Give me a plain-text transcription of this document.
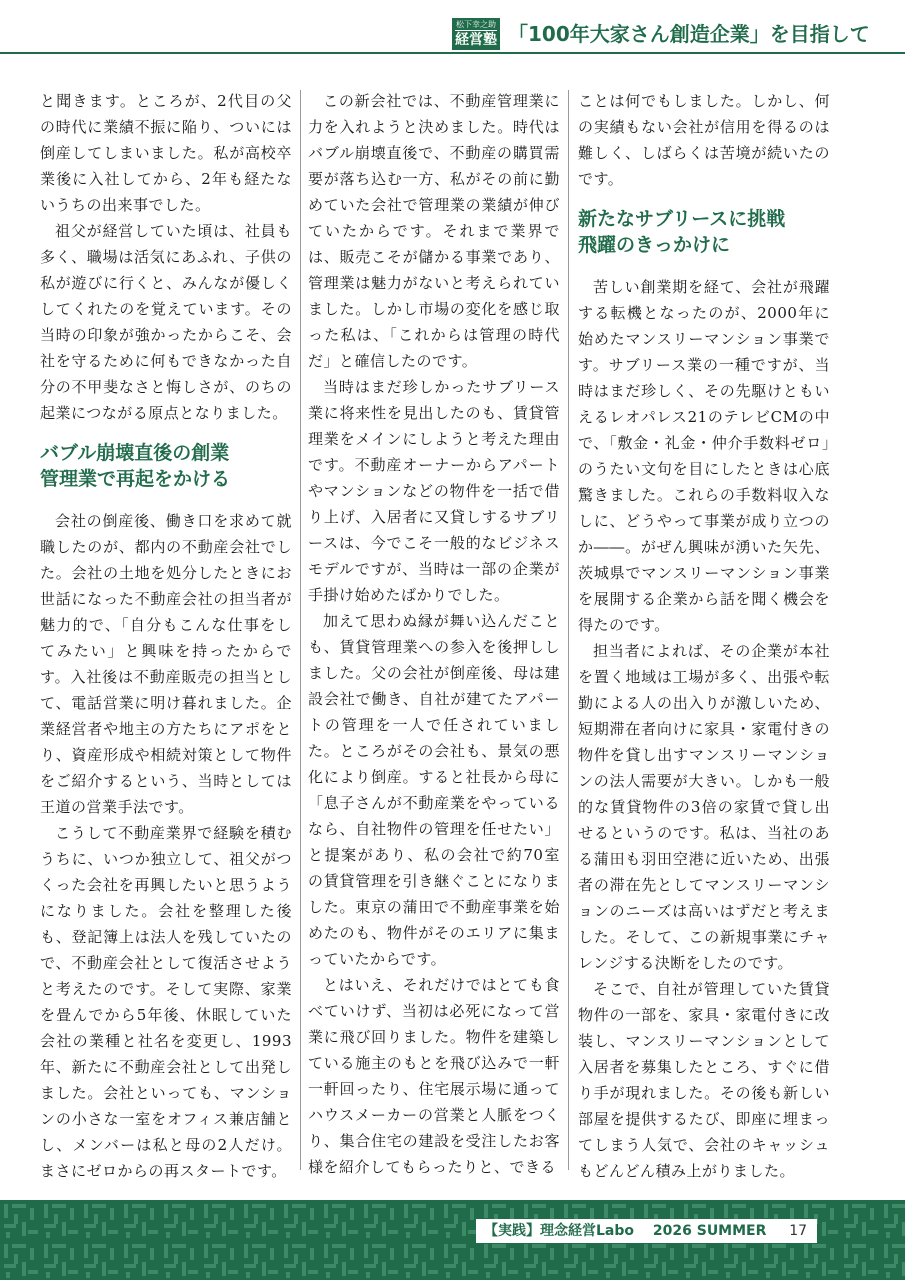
松下幸之助
経営塾 「100年大家さん創造企業」を目指して

と聞きます。ところが、2代目の父の時代に業績不振に陥り、ついには倒産してしまいました。私が高校卒業後に入社してから、2年も経たないうちの出来事でした。

祖父が経営していた頃は、社員も多く、職場は活気にあふれ、子供の私が遊びに行くと、みんなが優しくしてくれたのを覚えています。その当時の印象が強かったからこそ、会社を守るために何もできなかった自分の不甲斐なさと悔しさが、のちの起業につながる原点となりました。

バブル崩壊直後の創業
管理業で再起をかける

会社の倒産後、働き口を求めて就職したのが、都内の不動産会社でした。会社の土地を処分したときにお世話になった不動産会社の担当者が魅力的で、「自分もこんな仕事をしてみたい」と興味を持ったからです。入社後は不動産販売の担当として、電話営業に明け暮れました。企業経営者や地主の方たちにアポをとり、資産形成や相続対策として物件をご紹介するという、当時としては王道の営業手法です。

こうして不動産業界で経験を積むうちに、いつか独立して、祖父がつくった会社を再興したいと思うようになりました。会社を整理した後も、登記簿上は法人を残していたので、不動産会社として復活させようと考えたのです。そして実際、家業を畳んでから5年後、休眠していた会社の業種と社名を変更し、1993年、新たに不動産会社として出発しました。会社といっても、マンションの小さな一室をオフィス兼店舗とし、メンバーは私と母の2人だけ。まさにゼロからの再スタートです。

この新会社では、不動産管理業に力を入れようと決めました。時代はバブル崩壊直後で、不動産の購買需要が落ち込む一方、私がその前に勤めていた会社で管理業の業績が伸びていたからです。それまで業界では、販売こそが儲かる事業であり、管理業は魅力がないと考えられていました。しかし市場の変化を感じ取った私は、「これからは管理の時代だ」と確信したのです。

当時はまだ珍しかったサブリース業に将来性を見出したのも、賃貸管理業をメインにしようと考えた理由です。不動産オーナーからアパートやマンションなどの物件を一括で借り上げ、入居者に又貸しするサブリースは、今でこそ一般的なビジネスモデルですが、当時は一部の企業が手掛け始めたばかりでした。

加えて思わぬ縁が舞い込んだことも、賃貸管理業への参入を後押ししました。父の会社が倒産後、母は建設会社で働き、自社が建てたアパートの管理を一人で任されていました。ところがその会社も、景気の悪化により倒産。すると社長から母に「息子さんが不動産業をやっているなら、自社物件の管理を任せたい」と提案があり、私の会社で約70室の賃貸管理を引き継ぐことになりました。東京の蒲田で不動産事業を始めたのも、物件がそのエリアに集まっていたからです。

とはいえ、それだけではとても食べていけず、当初は必死になって営業に飛び回りました。物件を建築している施主のもとを飛び込みで一軒一軒回ったり、住宅展示場に通ってハウスメーカーの営業と人脈をつくり、集合住宅の建設を受注したお客様を紹介してもらったりと、できる

ことは何でもしました。しかし、何の実績もない会社が信用を得るのは難しく、しばらくは苦境が続いたのです。

新たなサブリースに挑戦
飛躍のきっかけに

苦しい創業期を経て、会社が飛躍する転機となったのが、2000年に始めたマンスリーマンション事業です。サブリース業の一種ですが、当時はまだ珍しく、その先駆けともいえるレオパレス21のテレビCMの中で、「敷金・礼金・仲介手数料ゼロ」のうたい文句を目にしたときは心底驚きました。これらの手数料収入なしに、どうやって事業が成り立つのか――。がぜん興味が湧いた矢先、茨城県でマンスリーマンション事業を展開する企業から話を聞く機会を得たのです。

担当者によれば、その企業が本社を置く地域は工場が多く、出張や転勤による人の出入りが激しいため、短期滞在者向けに家具・家電付きの物件を貸し出すマンスリーマンションの法人需要が大きい。しかも一般的な賃貸物件の3倍の家賃で貸し出せるというのです。私は、当社のある蒲田も羽田空港に近いため、出張者の滞在先としてマンスリーマンションのニーズは高いはずだと考えました。そして、この新規事業にチャレンジする決断をしたのです。

そこで、自社が管理していた賃貸物件の一部を、家具・家電付きに改装し、マンスリーマンションとして入居者を募集したところ、すぐに借り手が現れました。その後も新しい部屋を提供するたび、即座に埋まってしまう人気で、会社のキャッシュもどんどん積み上がりました。

【実践】理念経営Labo 2026 SUMMER 17
